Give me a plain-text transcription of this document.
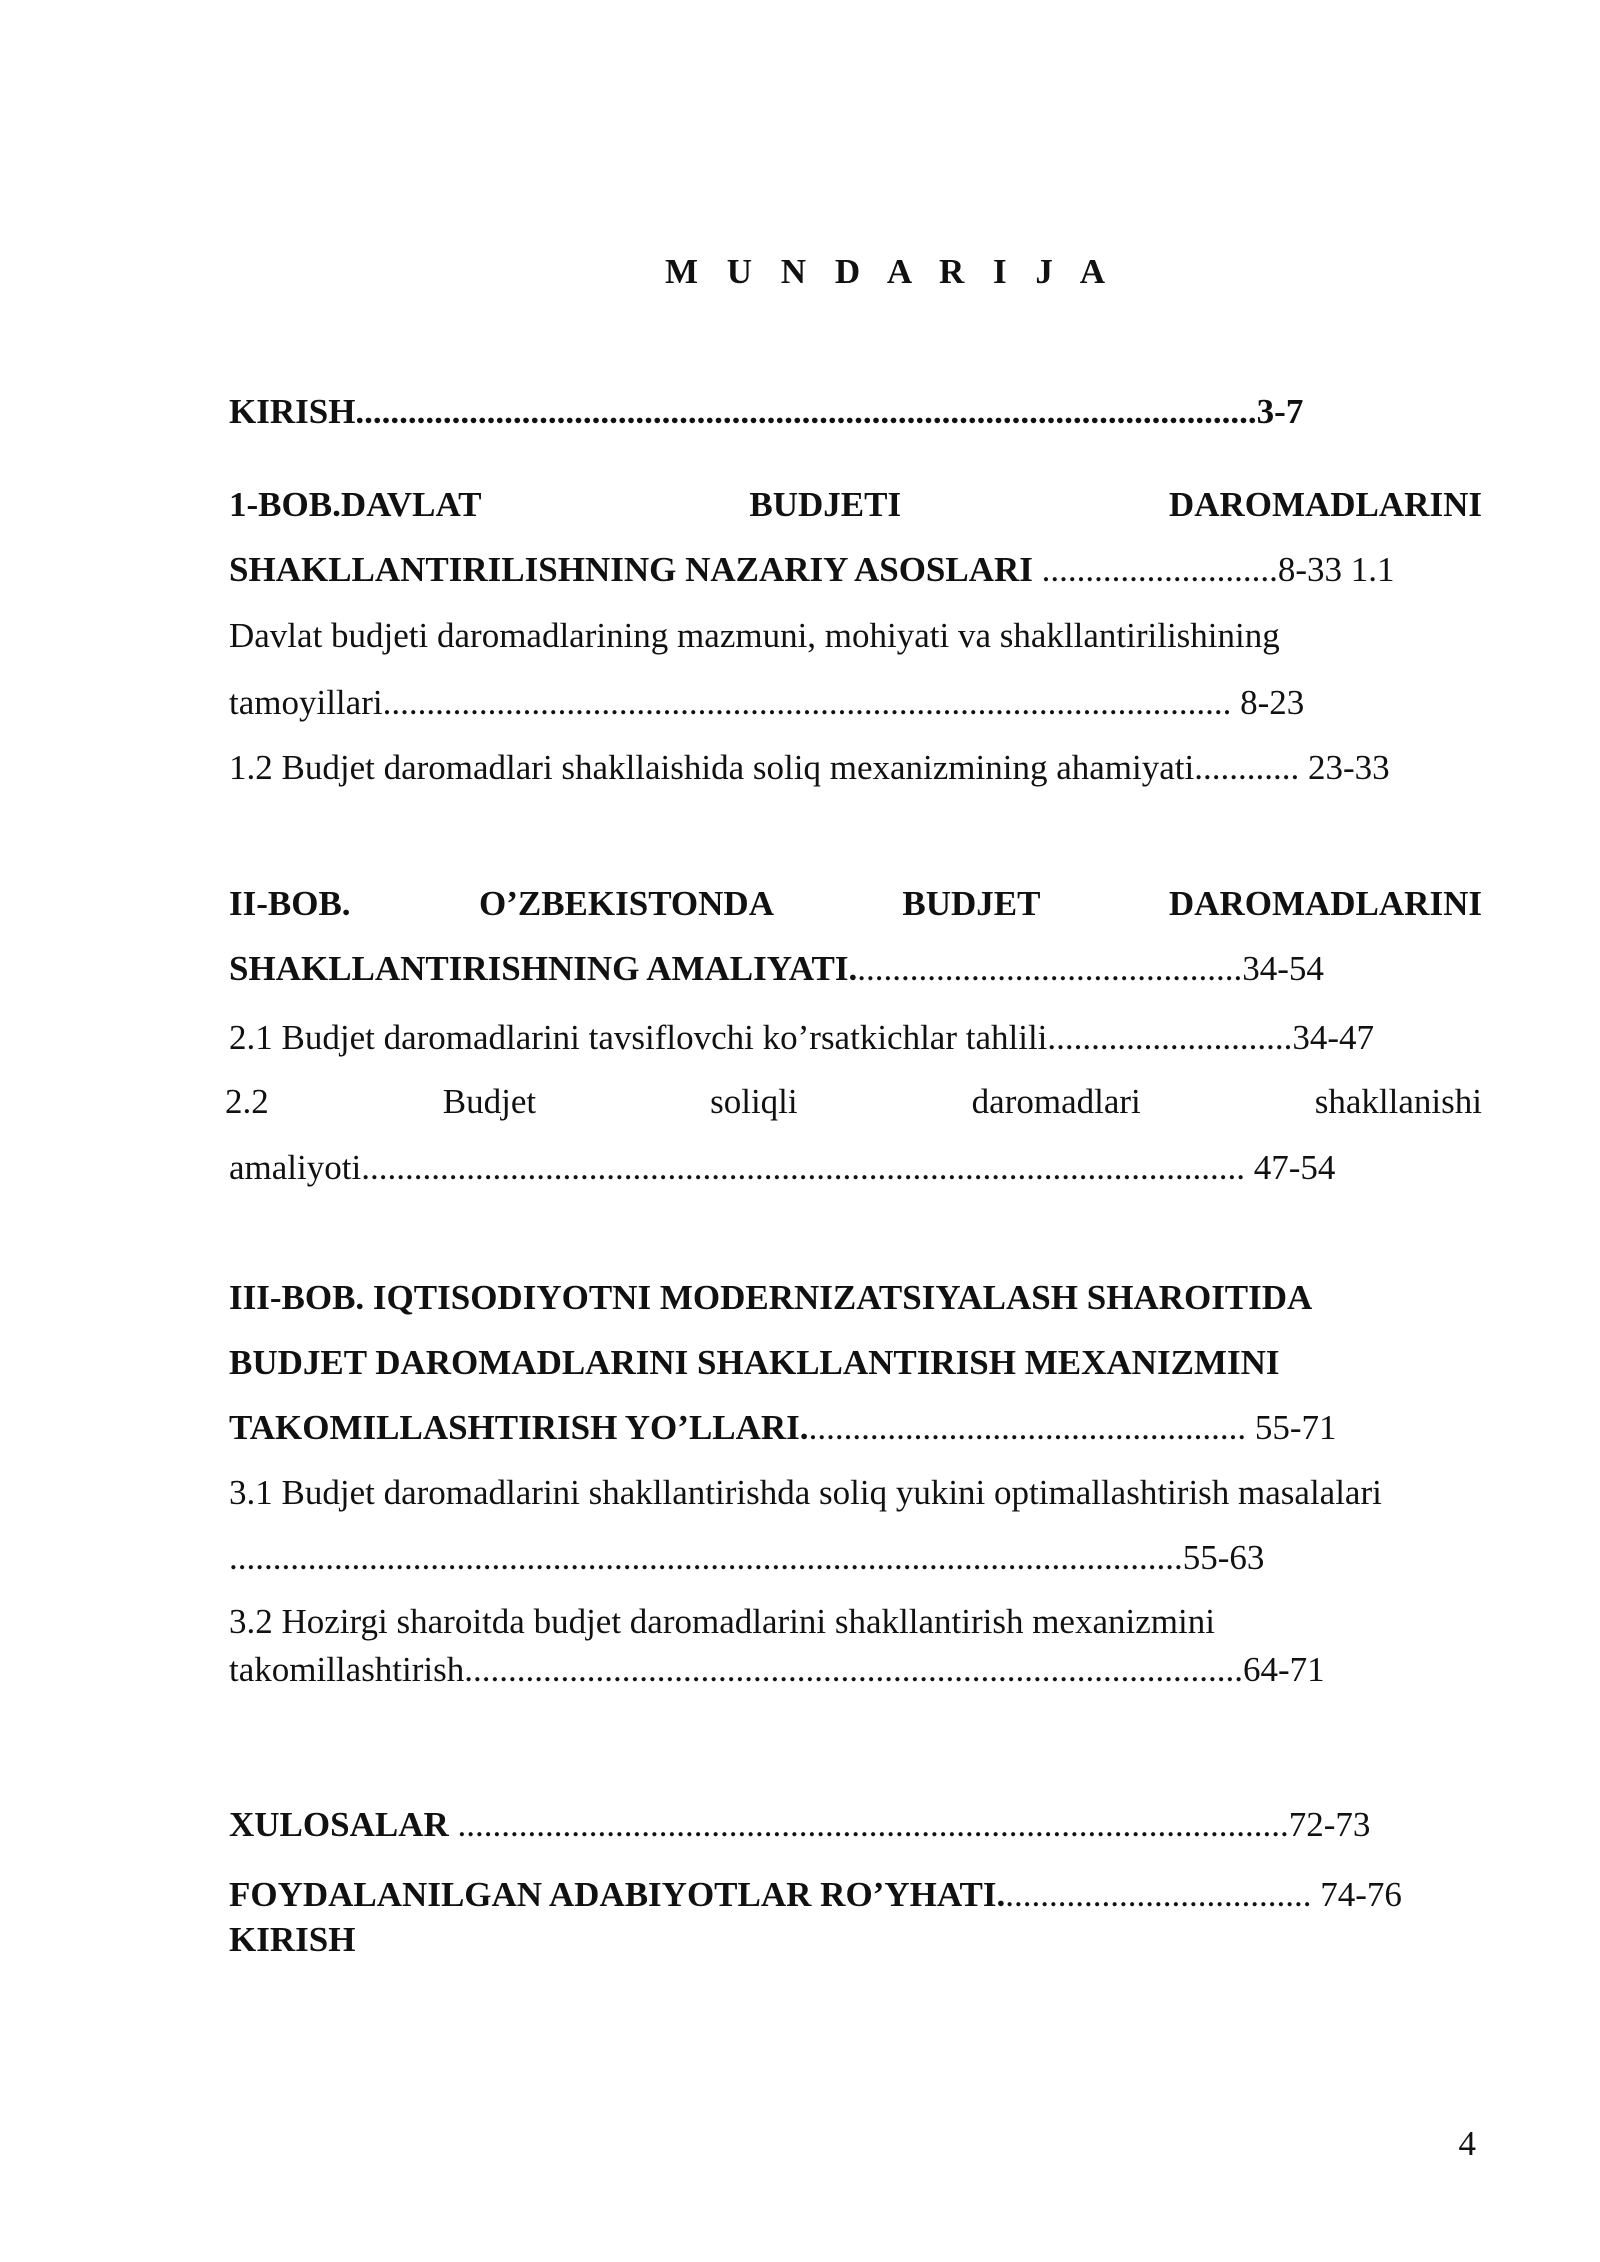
M U N D A R I J A
KIRISH.......................................................................................................3-7
1-BOB.DAVLAT	BUDJETI	DAROMADLARINI
SHAKLLANTIRILISHNING NAZARIY ASOSLARI ...........................8-33 1.1
Davlat budjeti daromadlarining mazmuni, mohiyati va shakllantirilishining
tamoyillari................................................................................................. 8-23
1.2 Budjet daromadlari shakllaishida soliq mexanizmining ahamiyati............ 23-33
II-BOB.	O’ZBEKISTONDA	BUDJET	DAROMADLARINI
SHAKLLANTIRISHNING AMALIYATI.............................................34-54
2.1 Budjet daromadlarini tavsiflovchi ko’rsatkichlar tahlili............................34-47
2.2	Budjet	soliqli	daromadlari	shakllanishi
amaliyoti..................................................................................................... 47-54
III-BOB. IQTISODIYOTNI MODERNIZATSIYALASH SHAROITIDA
BUDJET DAROMADLARINI SHAKLLANTIRISH MEXANIZMINI
TAKOMILLASHTIRISH YO’LLARI................................................... 55-71
3.1 Budjet daromadlarini shakllantirishda soliq yukini optimallashtirish masalalari
.............................................................................................................55-63
3.2 Hozirgi sharoitda budjet daromadlarini shakllantirish mexanizmini
takomillashtirish.........................................................................................64-71
XULOSALAR ...............................................................................................72-73
FOYDALANILGAN ADABIYOTLAR RO’YHATI.................................... 74-76
KIRISH
4
